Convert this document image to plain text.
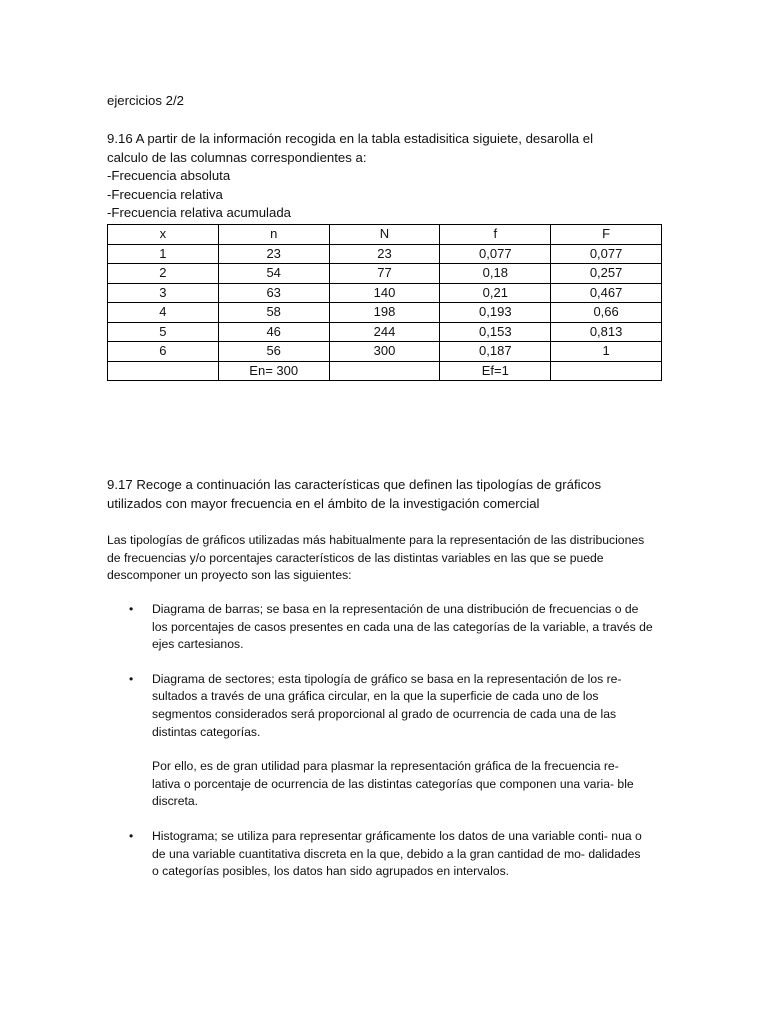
ejercicios 2/2
9.16 A partir de la información recogida en la tabla estadisitica siguiete, desarolla el
calculo de las columnas correspondientes a:
-Frecuencia absoluta
-Frecuencia relativa
-Frecuencia relativa acumulada
x	n	N	f	F
1	23	23	0,077	0,077
2	54	77	0,18	0,257
3	63	140	0,21	0,467
4	58	198	0,193	0,66
5	46	244	0,153	0,813
6	56	300	0,187	1
	En= 300		Ef=1	
9.17 Recoge a continuación las características que definen las tipologías de gráficos
utilizados con mayor frecuencia en el ámbito de la investigación comercial
Las tipologías de gráficos utilizadas más habitualmente para la representación de las distribuciones
de frecuencias y/o porcentajes característicos de las distintas variables en las que se puede
descomponer un proyecto son las siguientes:
• Diagrama de barras; se basa en la representación de una distribución de frecuencias o de
los porcentajes de casos presentes en cada una de las categorías de la variable, a través de
ejes cartesianos.
• Diagrama de sectores; esta tipología de gráfico se basa en la representación de los re-
sultados a través de una gráfica circular, en la que la superficie de cada uno de los
segmentos considerados será proporcional al grado de ocurrencia de cada una de las
distintas categorías.
Por ello, es de gran utilidad para plasmar la representación gráfica de la frecuencia re-
lativa o porcentaje de ocurrencia de las distintas categorías que componen una varia- ble
discreta.
• Histograma; se utiliza para representar gráficamente los datos de una variable conti- nua o
de una variable cuantitativa discreta en la que, debido a la gran cantidad de mo- dalidades
o categorías posibles, los datos han sido agrupados en intervalos.
